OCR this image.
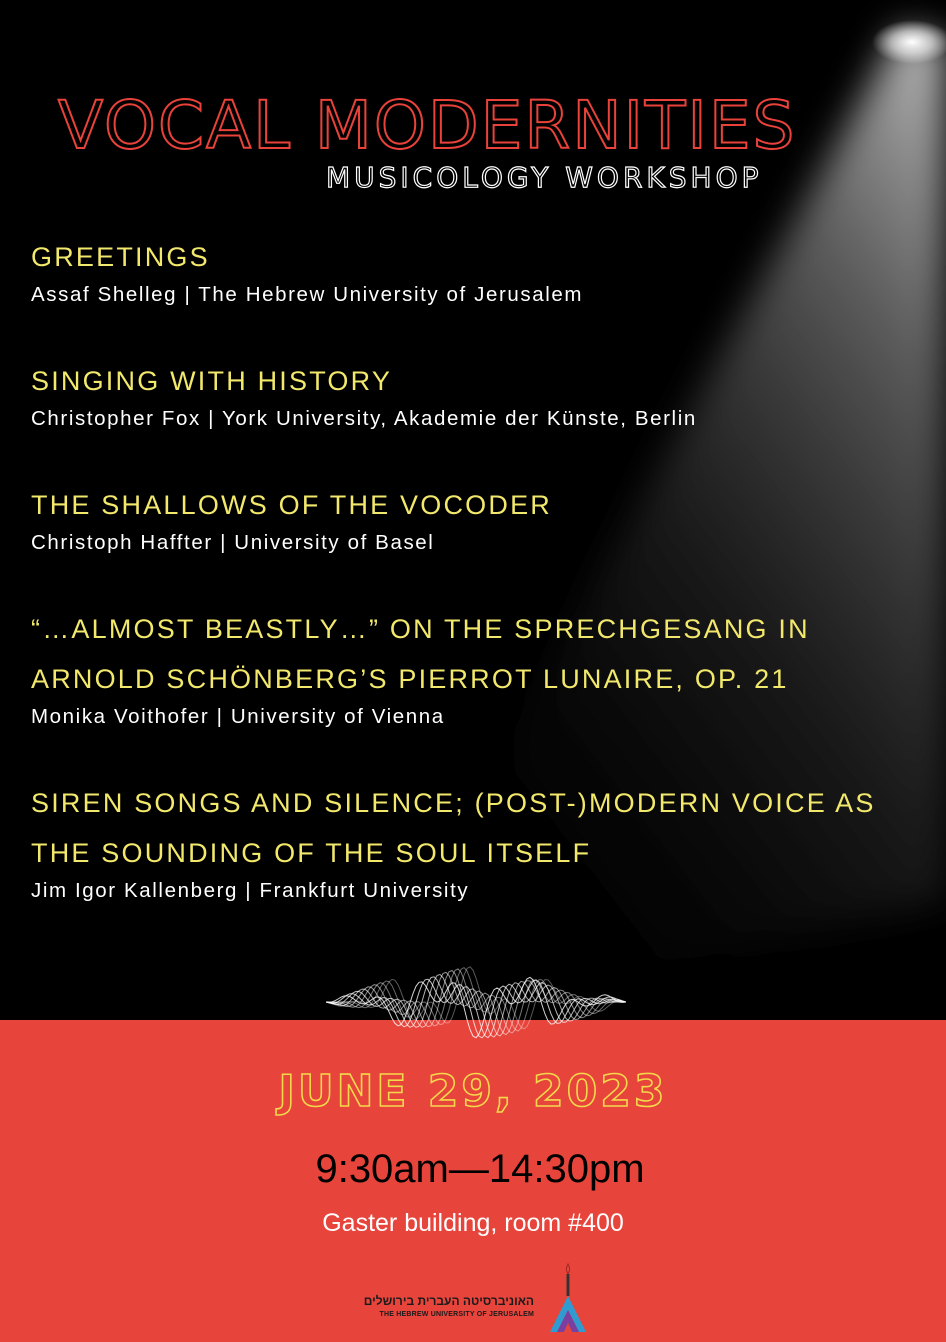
VOCAL MODERNITIES
MUSICOLOGY WORKSHOP
GREETINGS
Assaf Shelleg | The Hebrew University of Jerusalem
SINGING WITH HISTORY
Christopher Fox | York University, Akademie der Künste, Berlin
THE SHALLOWS OF THE VOCODER
Christoph Haffter | University of Basel
“…ALMOST BEASTLY…” ON THE SPRECHGESANG IN ARNOLD SCHÖNBERG’S PIERROT LUNAIRE, OP. 21
Monika Voithofer | University of Vienna
SIREN SONGS AND SILENCE; (POST-)MODERN VOICE AS THE SOUNDING OF THE SOUL ITSELF
Jim Igor Kallenberg | Frankfurt University
JUNE 29, 2023
9:30am—14:30pm
Gaster building, room #400
האוניברסיטה העברית בירושלים
THE HEBREW UNIVERSITY OF JERUSALEM
